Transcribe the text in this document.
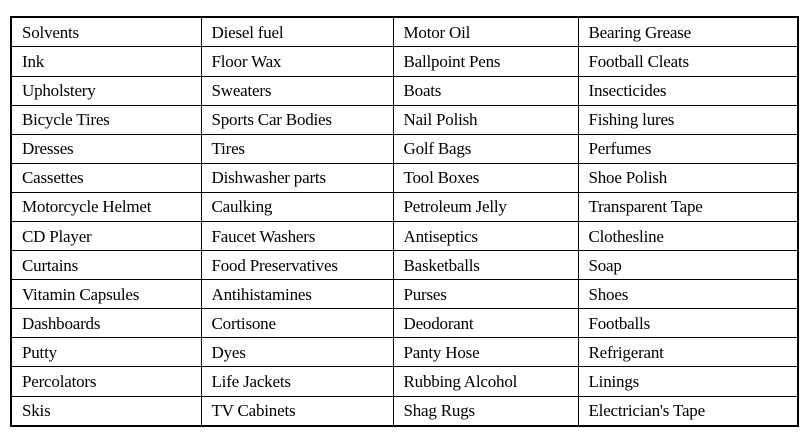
Solvents	Diesel fuel	Motor Oil	Bearing Grease
Ink	Floor Wax	Ballpoint Pens	Football Cleats
Upholstery	Sweaters	Boats	Insecticides
Bicycle Tires	Sports Car Bodies	Nail Polish	Fishing lures
Dresses	Tires	Golf Bags	Perfumes
Cassettes	Dishwasher parts	Tool Boxes	Shoe Polish
Motorcycle Helmet	Caulking	Petroleum Jelly	Transparent Tape
CD Player	Faucet Washers	Antiseptics	Clothesline
Curtains	Food Preservatives	Basketballs	Soap
Vitamin Capsules	Antihistamines	Purses	Shoes
Dashboards	Cortisone	Deodorant	Footballs
Putty	Dyes	Panty Hose	Refrigerant
Percolators	Life Jackets	Rubbing Alcohol	Linings
Skis	TV Cabinets	Shag Rugs	Electrician's Tape
